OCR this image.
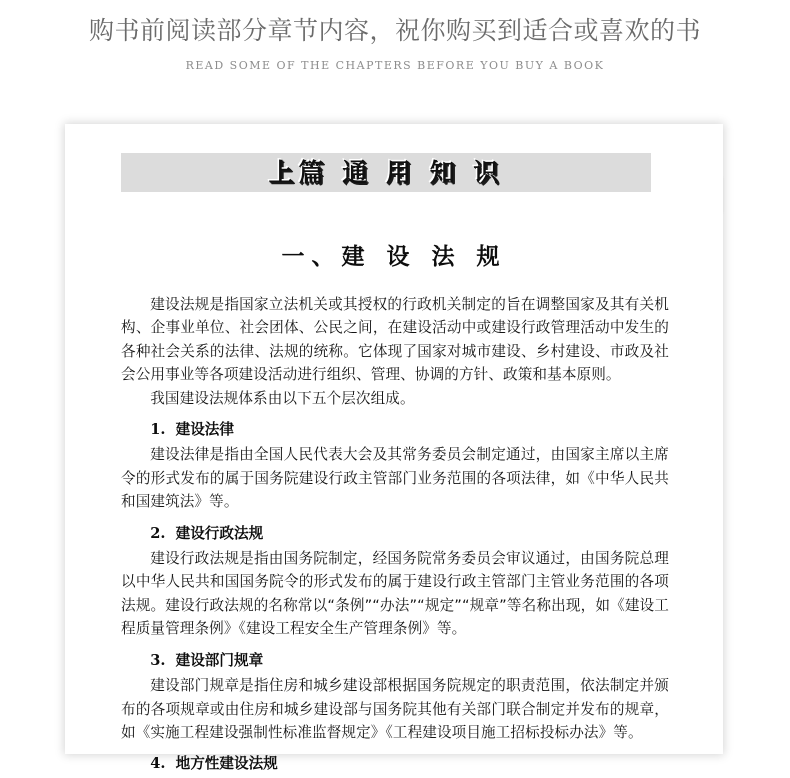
购书前阅读部分章节内容，祝你购买到适合或喜欢的书
READ SOME OF THE CHAPTERS BEFORE YOU BUY A BOOK
上篇 通 用 知 识
一、建 设 法 规

建设法规是指国家立法机关或其授权的行政机关制定的旨在调整国家及其有关机构、企事业单位、社会团体、公民之间，在建设活动中或建设行政管理活动中发生的各种社会关系的法律、法规的统称。它体现了国家对城市建设、乡村建设、市政及社会公用事业等各项建设活动进行组织、管理、协调的方针、政策和基本原则。

我国建设法规体系由以下五个层次组成。

1. 建设法律

建设法律是指由全国人民代表大会及其常务委员会制定通过，由国家主席以主席令的形式发布的属于国务院建设行政主管部门业务范围的各项法律，如《中华人民共和国建筑法》等。

2. 建设行政法规

建设行政法规是指由国务院制定，经国务院常务委员会审议通过，由国务院总理以中华人民共和国国务院令的形式发布的属于建设行政主管部门主管业务范围的各项法规。建设行政法规的名称常以“条例”“办法”“规定”“规章”等名称出现，如《建设工程质量管理条例》《建设工程安全生产管理条例》等。

3. 建设部门规章

建设部门规章是指住房和城乡建设部根据国务院规定的职责范围，依法制定并颁布的各项规章或由住房和城乡建设部与国务院其他有关部门联合制定并发布的规章，如《实施工程建设强制性标准监督规定》《工程建设项目施工招标投标办法》等。

4. 地方性建设法规
